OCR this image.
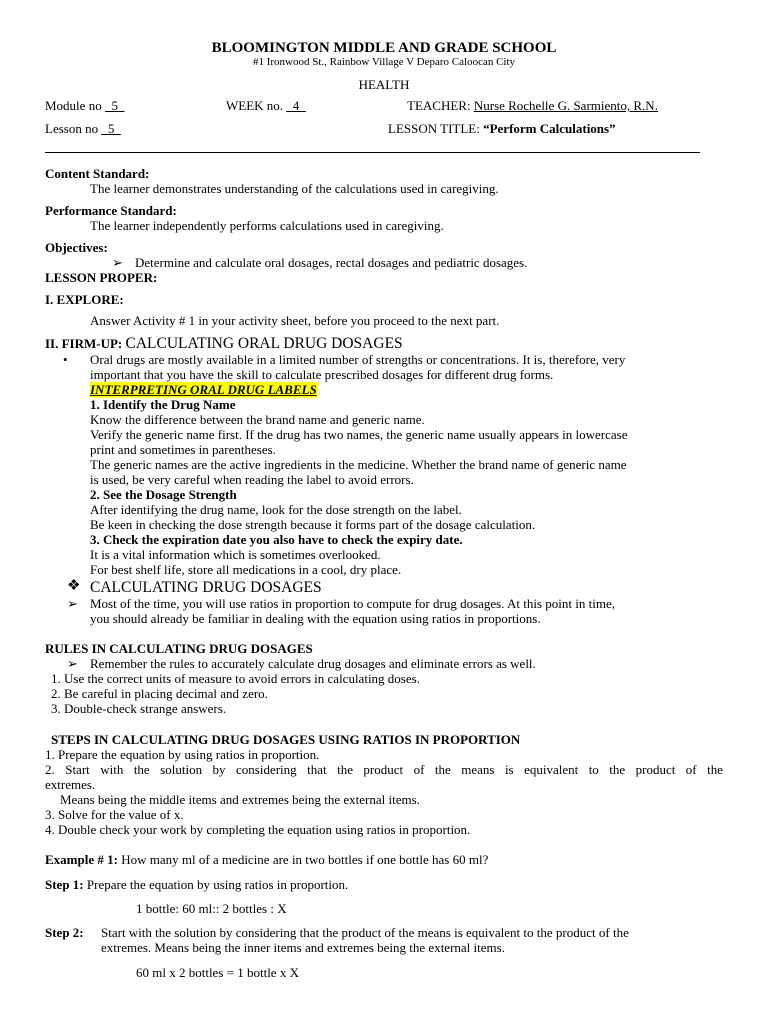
BLOOMINGTON MIDDLE AND GRADE SCHOOL
#1 Ironwood St., Rainbow Village V Deparo Caloocan City
HEALTH
Module no   5	WEEK no.   4	TEACHER: Nurse Rochelle G. Sarmiento, R.N.
Lesson no   5	LESSON TITLE: “Perform Calculations”
Content Standard:
The learner demonstrates understanding of the calculations used in caregiving.
Performance Standard:
The learner independently performs calculations used in caregiving.
Objectives:
➢ Determine and calculate oral dosages, rectal dosages and pediatric dosages.
LESSON PROPER:
I. EXPLORE:
Answer Activity # 1 in your activity sheet, before you proceed to the next part.
II. FIRM-UP: CALCULATING ORAL DRUG DOSAGES
• Oral drugs are mostly available in a limited number of strengths or concentrations. It is, therefore, very
important that you have the skill to calculate prescribed dosages for different drug forms.
INTERPRETING ORAL DRUG LABELS
1. Identify the Drug Name
Know the difference between the brand name and generic name.
Verify the generic name first. If the drug has two names, the generic name usually appears in lowercase
print and sometimes in parentheses.
The generic names are the active ingredients in the medicine. Whether the brand name of generic name
is used, be very careful when reading the label to avoid errors.
2. See the Dosage Strength
After identifying the drug name, look for the dose strength on the label.
Be keen in checking the dose strength because it forms part of the dosage calculation.
3. Check the expiration date you also have to check the expiry date.
It is a vital information which is sometimes overlooked.
For best shelf life, store all medications in a cool, dry place.
❖ CALCULATING DRUG DOSAGES
➢ Most of the time, you will use ratios in proportion to compute for drug dosages. At this point in time,
you should already be familiar in dealing with the equation using ratios in proportions.
RULES IN CALCULATING DRUG DOSAGES
➢ Remember the rules to accurately calculate drug dosages and eliminate errors as well.
1. Use the correct units of measure to avoid errors in calculating doses.
2. Be careful in placing decimal and zero.
3. Double-check strange answers.
STEPS IN CALCULATING DRUG DOSAGES USING RATIOS IN PROPORTION
1. Prepare the equation by using ratios in proportion.
2. Start with the solution by considering that the product of the means is equivalent to the product of the
extremes.
Means being the middle items and extremes being the external items.
3. Solve for the value of x.
4. Double check your work by completing the equation using ratios in proportion.
Example # 1: How many ml of a medicine are in two bottles if one bottle has 60 ml?
Step 1: Prepare the equation by using ratios in proportion.
1 bottle: 60 ml:: 2 bottles : X
Step 2: Start with the solution by considering that the product of the means is equivalent to the product of the
extremes. Means being the inner items and extremes being the external items.
60 ml x 2 bottles = 1 bottle x X
